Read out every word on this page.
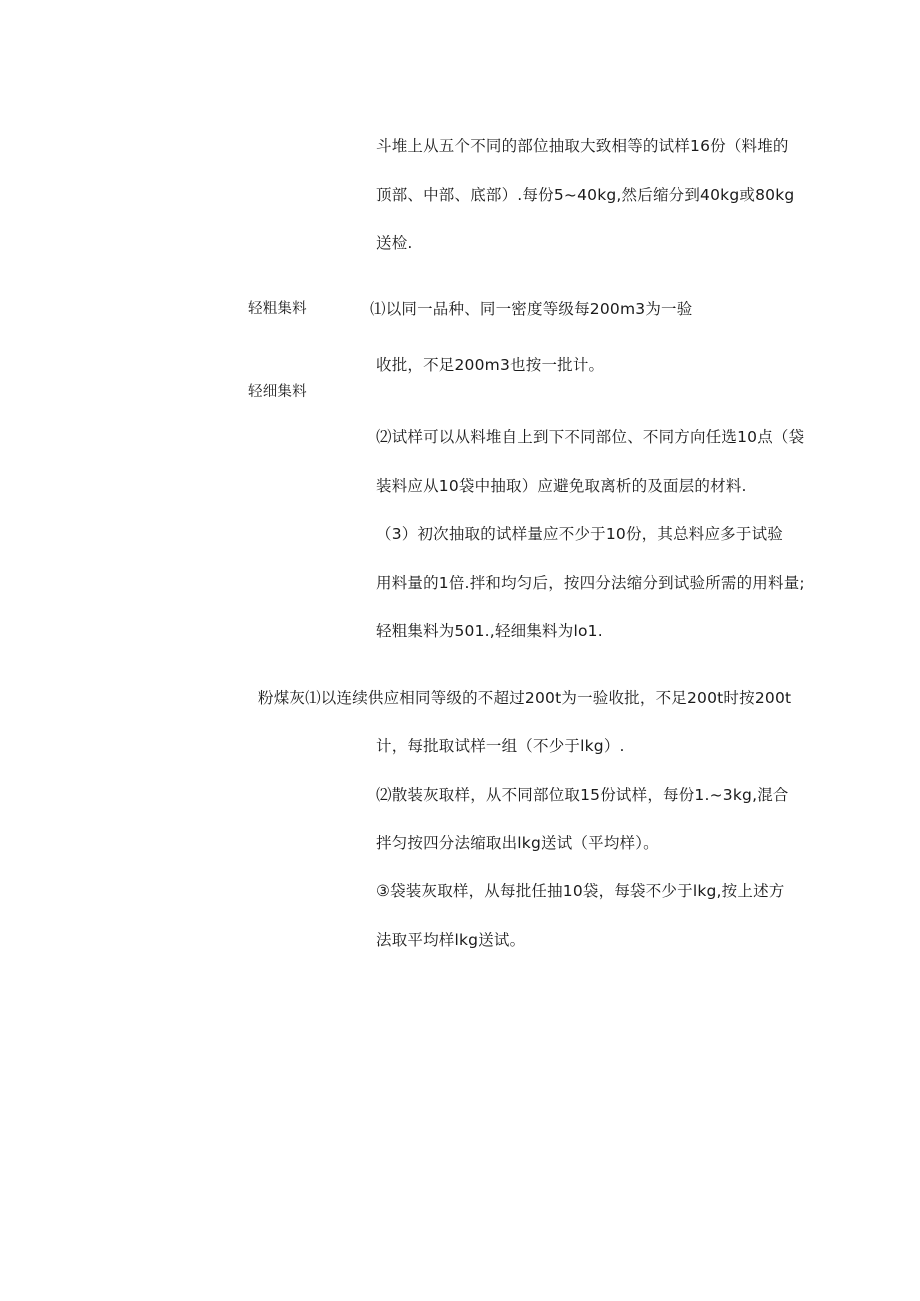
斗堆上从五个不同的部位抽取大致相等的试样16份（料堆的
顶部、中部、底部）.每份5~40kg,然后缩分到40kg或80kg
送检.
轻粗集料	⑴以同一品种、同一密度等级每200m3为一验
收批，不足200m3也按一批计。
轻细集料
⑵试样可以从料堆自上到下不同部位、不同方向任选10点（袋
装料应从10袋中抽取）应避免取离析的及面层的材料.
（3）初次抽取的试样量应不少于10份，其总料应多于试验
用料量的1倍.拌和均匀后，按四分法缩分到试验所需的用料量;
轻粗集料为501.,轻细集料为lo1.
粉煤灰⑴以连续供应相同等级的不超过200t为一验收批，不足200t时按200t
计，每批取试样一组（不少于lkg）.
⑵散装灰取样，从不同部位取15份试样，每份1.~3kg,混合
拌匀按四分法缩取出lkg送试（平均样）。
③袋装灰取样，从每批任抽10袋，每袋不少于lkg,按上述方
法取平均样lkg送试。
